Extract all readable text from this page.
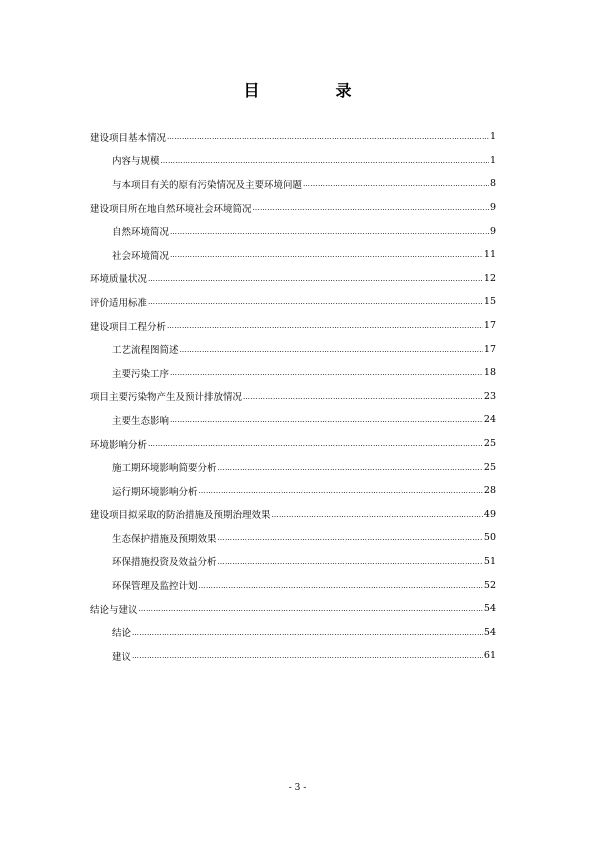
目　录
建设项目基本情况 ……………………………………………………………………………………………………………………………………………………………………………………	1
内容与规模 ……………………………………………………………………………………………………………………………………………………………………………………	1
与本项目有关的原有污染情况及主要环境问题 ……………………………………………………………………………………………………………………………………………………………………………………	8
建设项目所在地自然环境社会环境简况 ……………………………………………………………………………………………………………………………………………………………………………………	9
自然环境简况 ……………………………………………………………………………………………………………………………………………………………………………………	9
社会环境简况 ……………………………………………………………………………………………………………………………………………………………………………………	11
环境质量状况 ……………………………………………………………………………………………………………………………………………………………………………………	12
评价适用标准 ……………………………………………………………………………………………………………………………………………………………………………………	15
建设项目工程分析 ……………………………………………………………………………………………………………………………………………………………………………………	17
工艺流程图简述 ……………………………………………………………………………………………………………………………………………………………………………………	17
主要污染工序 ……………………………………………………………………………………………………………………………………………………………………………………	18
项目主要污染物产生及预计排放情况 ……………………………………………………………………………………………………………………………………………………………………………………	23
主要生态影响 ……………………………………………………………………………………………………………………………………………………………………………………	24
环境影响分析 ……………………………………………………………………………………………………………………………………………………………………………………	25
施工期环境影响简要分析 ……………………………………………………………………………………………………………………………………………………………………………………	25
运行期环境影响分析 ……………………………………………………………………………………………………………………………………………………………………………………	28
建设项目拟采取的防治措施及预期治理效果 ……………………………………………………………………………………………………………………………………………………………………………………	49
生态保护措施及预期效果 ……………………………………………………………………………………………………………………………………………………………………………………	50
环保措施投资及效益分析 ……………………………………………………………………………………………………………………………………………………………………………………	51
环保管理及监控计划 ……………………………………………………………………………………………………………………………………………………………………………………	52
结论与建议 ……………………………………………………………………………………………………………………………………………………………………………………	54
结论 ……………………………………………………………………………………………………………………………………………………………………………………	54
建议 ……………………………………………………………………………………………………………………………………………………………………………………	61
- 3 -
